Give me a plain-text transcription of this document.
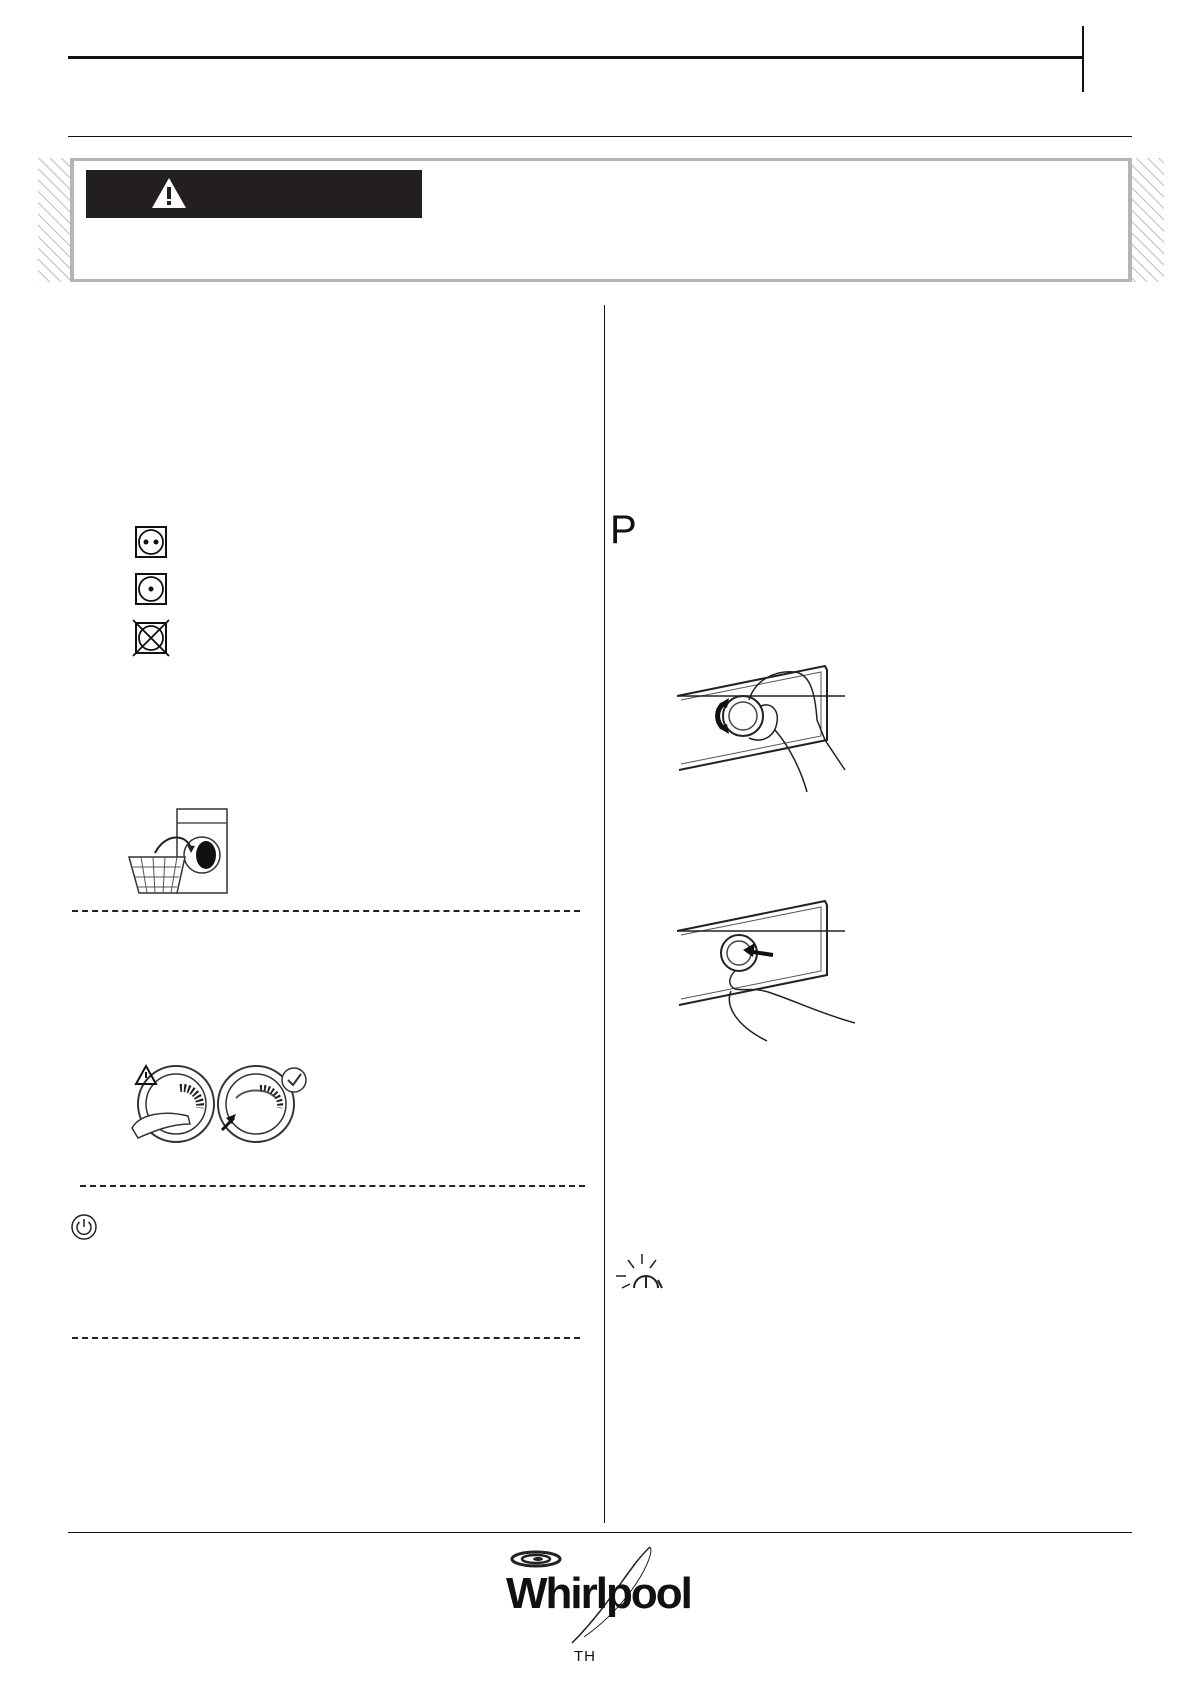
P
Whirlpool
TH
